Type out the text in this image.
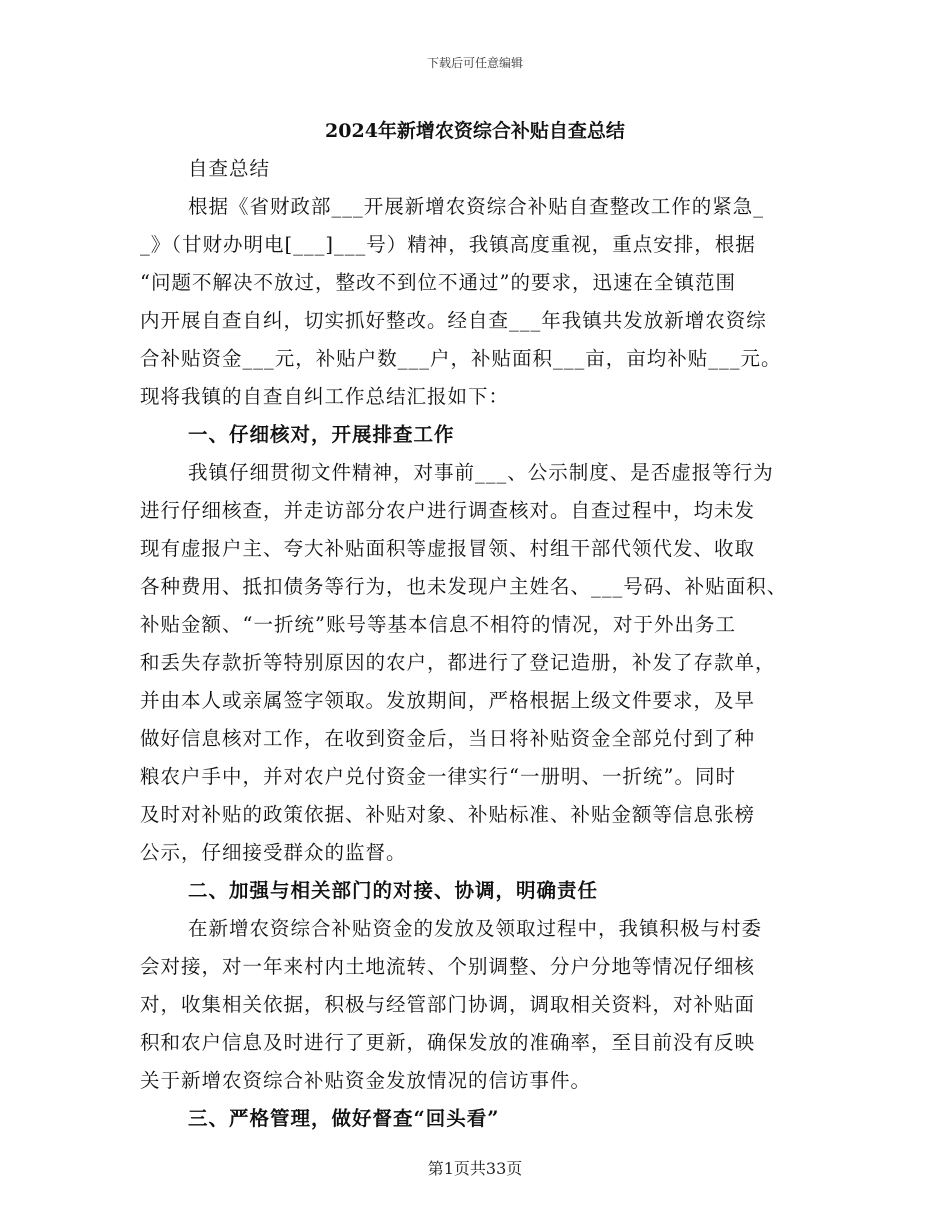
下载后可任意编辑
2024年新增农资综合补贴自查总结
自查总结
根据《省财政部___开展新增农资综合补贴自查整改工作的紧急_
_》（甘财办明电[___]___号）精神，我镇高度重视，重点安排，根据
“问题不解决不放过，整改不到位不通过”的要求，迅速在全镇范围
内开展自查自纠，切实抓好整改。经自查___年我镇共发放新增农资综
合补贴资金___元，补贴户数___户，补贴面积___亩，亩均补贴___元。
现将我镇的自查自纠工作总结汇报如下：
一、仔细核对，开展排查工作
我镇仔细贯彻文件精神，对事前___、公示制度、是否虚报等行为
进行仔细核查，并走访部分农户进行调查核对。自查过程中，均未发
现有虚报户主、夸大补贴面积等虚报冒领、村组干部代领代发、收取
各种费用、抵扣债务等行为，也未发现户主姓名、___号码、补贴面积、
补贴金额、“一折统”账号等基本信息不相符的情况，对于外出务工
和丢失存款折等特别原因的农户，都进行了登记造册，补发了存款单，
并由本人或亲属签字领取。发放期间，严格根据上级文件要求，及早
做好信息核对工作，在收到资金后，当日将补贴资金全部兑付到了种
粮农户手中，并对农户兑付资金一律实行“一册明、一折统”。同时
及时对补贴的政策依据、补贴对象、补贴标准、补贴金额等信息张榜
公示，仔细接受群众的监督。
二、加强与相关部门的对接、协调，明确责任
在新增农资综合补贴资金的发放及领取过程中，我镇积极与村委
会对接，对一年来村内土地流转、个别调整、分户分地等情况仔细核
对，收集相关依据，积极与经管部门协调，调取相关资料，对补贴面
积和农户信息及时进行了更新，确保发放的准确率，至目前没有反映
关于新增农资综合补贴资金发放情况的信访事件。
三、严格管理，做好督查“回头看”
第1页共33页
